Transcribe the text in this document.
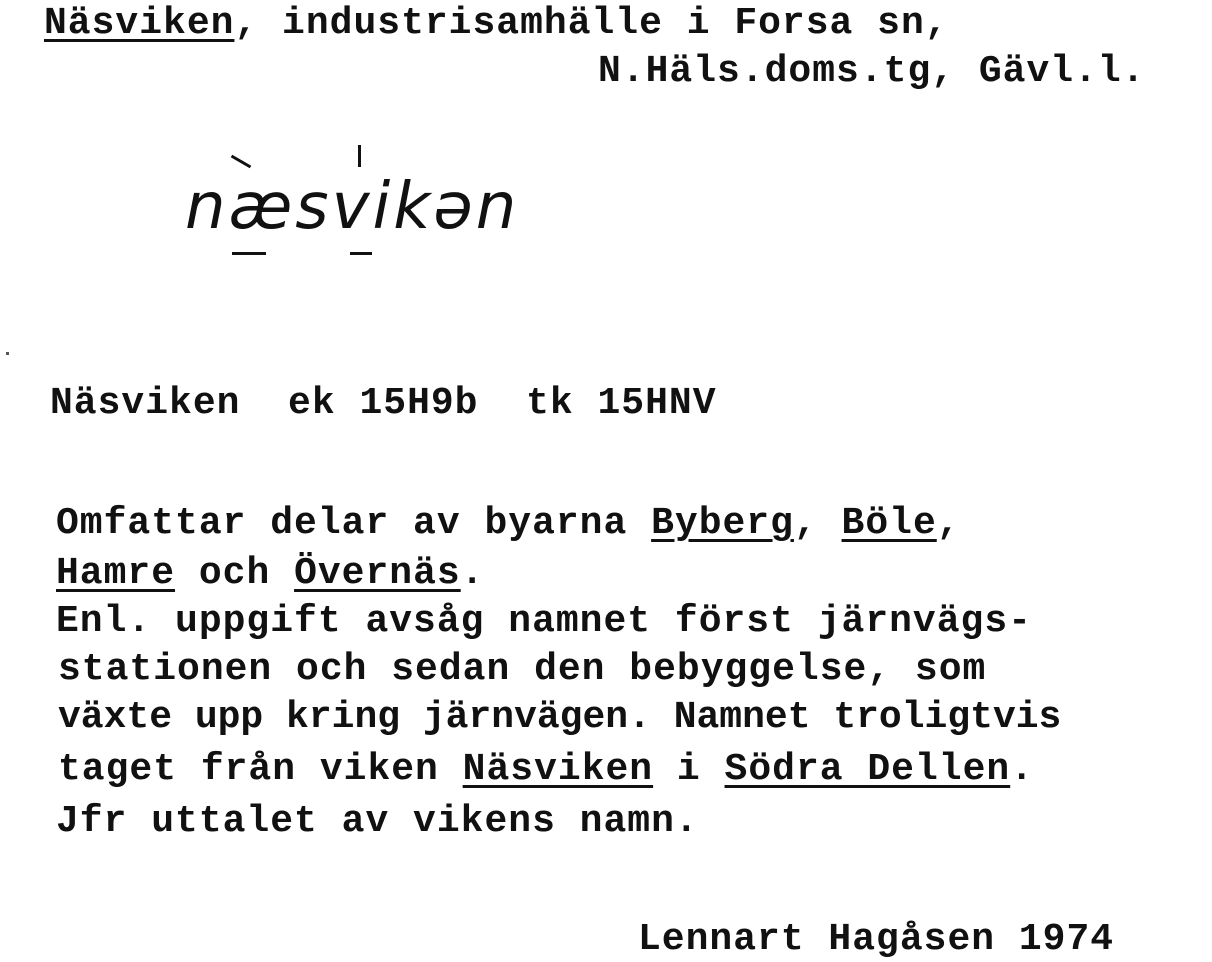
Näsviken, industrisamhälle i Forsa sn,
N.Häls.doms.tg, Gävl.l.
næsvikən
Näsviken ek 15H9b tk 15HNV
Omfattar delar av byarna Byberg, Böle,
Hamre och Övernäs.
Enl. uppgift avsåg namnet först järnvägs-
stationen och sedan den bebyggelse, som
växte upp kring järnvägen. Namnet troligtvis
taget från viken Näsviken i Södra Dellen.
Jfr uttalet av vikens namn.
Lennart Hagåsen 1974
